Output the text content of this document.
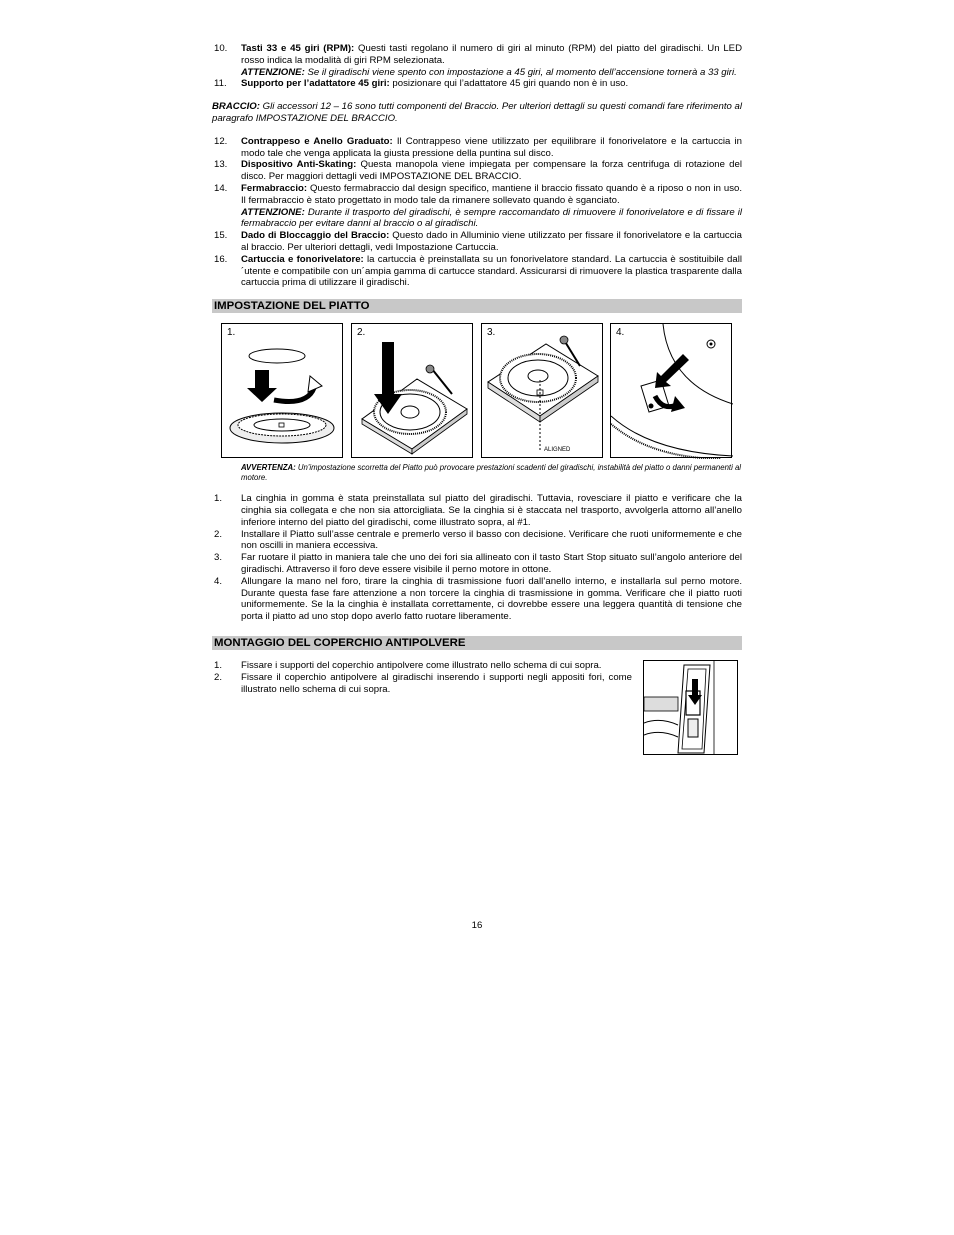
10. Tasti 33 e 45 giri (RPM): Questi tasti regolano il numero di giri al minuto (RPM) del piatto del giradischi. Un LED rosso indica la modalità di giri RPM selezionata.
ATTENZIONE: Se il giradischi viene spento con impostazione a 45 giri, al momento dell’accensione tornerà a 33 giri.
11. Supporto per l’adattatore 45 giri: posizionare qui l’adattatore 45 giri quando non è in uso.
BRACCIO: Gli accessori 12 – 16 sono tutti componenti del Braccio. Per ulteriori dettagli su questi comandi fare riferimento al paragrafo IMPOSTAZIONE DEL BRACCIO.
12. Contrappeso e Anello Graduato: Il Contrappeso viene utilizzato per equilibrare il fonorivelatore e la cartuccia in modo tale che venga applicata la giusta pressione della puntina sul disco.
13. Dispositivo Anti-Skating: Questa manopola viene impiegata per compensare la forza centrifuga di rotazione del disco. Per maggiori dettagli vedi IMPOSTAZIONE DEL BRACCIO.
14. Fermabraccio: Questo fermabraccio dal design specifico, mantiene il braccio fissato quando è a riposo o non in uso. Il fermabraccio è stato progettato in modo tale da rimanere sollevato quando è sganciato.
ATTENZIONE: Durante il trasporto del giradischi, è sempre raccomandato di rimuovere il fonorivelatore e di fissare il fermabraccio per evitare danni al braccio o al giradischi.
15. Dado di Bloccaggio del Braccio: Questo dado in Alluminio viene utilizzato per fissare il fonorivelatore e la cartuccia al braccio. Per ulteriori dettagli, vedi Impostazione Cartuccia.
16. Cartuccia e fonorivelatore: la cartuccia è preinstallata su un fonorivelatore standard. La cartuccia è sostituibile dall´utente e compatibile con un´ampia gamma di cartucce standard. Assicurarsi di rimuovere la plastica trasparente dalla cartuccia prima di utilizzare il giradischi.
IMPOSTAZIONE DEL PIATTO
1.	2.
ALIGNED
3.	4.
AVVERTENZA: Un'impostazione scorretta del Piatto può provocare prestazioni scadenti del giradischi, instabilità del piatto o danni permanenti al motore.
1. La cinghia in gomma è stata preinstallata sul piatto del giradischi. Tuttavia, rovesciare il piatto e verificare che la cinghia sia collegata e che non sia attorcigliata. Se la cinghia si è staccata nel trasporto, avvolgerla attorno all’anello inferiore interno del piatto del giradischi, come illustrato sopra, al #1.
2. Installare il Piatto sull’asse centrale e premerlo verso il basso con decisione. Verificare che ruoti uniformemente e che non oscilli in maniera eccessiva.
3. Far ruotare il piatto in maniera tale che uno dei fori sia allineato con il tasto Start Stop situato sull’angolo anteriore del giradischi. Attraverso il foro deve essere visibile il perno motore in ottone.
4. Allungare la mano nel foro, tirare la cinghia di trasmissione fuori dall’anello interno, e installarla sul perno motore. Durante questa fase fare attenzione a non torcere la cinghia di trasmissione in gomma. Verificare che il piatto ruoti uniformemente. Se la la cinghia è installata correttamente, ci dovrebbe essere una leggera quantità di tensione che porta il piatto ad uno stop dopo averlo fatto ruotare liberamente.
MONTAGGIO DEL COPERCHIO ANTIPOLVERE
1. Fissare i supporti del coperchio antipolvere come illustrato nello schema di cui sopra.
2. Fissare il coperchio antipolvere al giradischi inserendo i supporti negli appositi fori, come illustrato nello schema di cui sopra.
16
